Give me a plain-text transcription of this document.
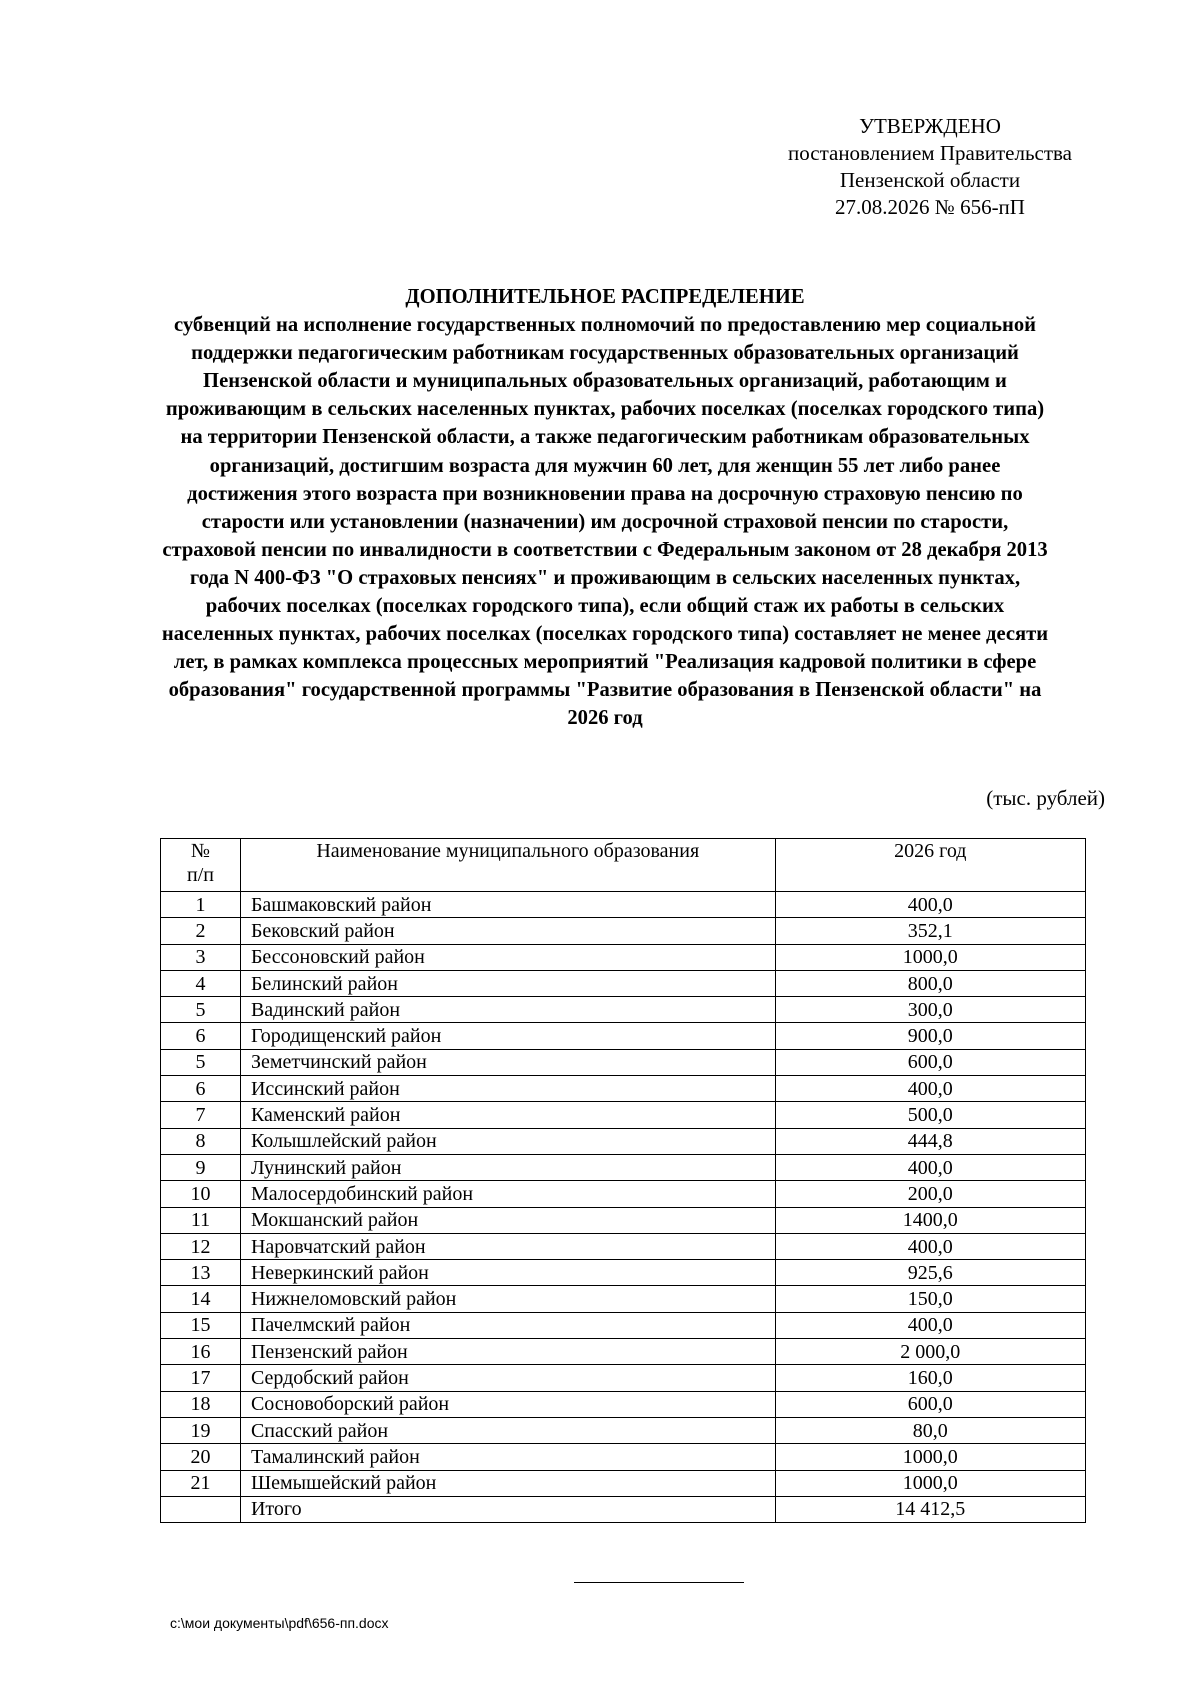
УТВЕРЖДЕНО
постановлением Правительства
Пензенской области
27.08.2026 № 656-пП
ДОПОЛНИТЕЛЬНОЕ РАСПРЕДЕЛЕНИЕ
субвенций на исполнение государственных полномочий по предоставлению мер социальной поддержки педагогическим работникам государственных образовательных организаций Пензенской области и муниципальных образовательных организаций, работающим и проживающим в сельских населенных пунктах, рабочих поселках (поселках городского типа) на территории Пензенской области, а также педагогическим работникам образовательных организаций, достигшим возраста для мужчин 60 лет, для женщин 55 лет либо ранее достижения этого возраста при возникновении права на досрочную страховую пенсию по старости или установлении (назначении) им досрочной страховой пенсии по старости, страховой пенсии по инвалидности в соответствии с Федеральным законом от 28 декабря 2013 года N 400-ФЗ "О страховых пенсиях" и проживающим в сельских населенных пунктах, рабочих поселках (поселках городского типа), если общий стаж их работы в сельских населенных пунктах, рабочих поселках (поселках городского типа) составляет не менее десяти лет, в рамках комплекса процессных мероприятий "Реализация кадровой политики в сфере образования" государственной программы "Развитие образования в Пензенской области" на 2026 год
(тыс. рублей)
№
п/п	Наименование муниципального образования	2026 год
1	Башмаковский район	400,0
2	Бековский район	352,1
3	Бессоновский район	1000,0
4	Белинский район	800,0
5	Вадинский район	300,0
6	Городищенский район	900,0
5	Земетчинский район	600,0
6	Иссинский район	400,0
7	Каменский район	500,0
8	Колышлейский район	444,8
9	Лунинский район	400,0
10	Малосердобинский район	200,0
11	Мокшанский район	1400,0
12	Наровчатский район	400,0
13	Неверкинский район	925,6
14	Нижнеломовский район	150,0
15	Пачелмский район	400,0
16	Пензенский район	2 000,0
17	Сердобский район	160,0
18	Сосновоборский район	600,0
19	Спасский район	80,0
20	Тамалинский район	1000,0
21	Шемышейский район	1000,0
	Итого	14 412,5
c:\мои документы\pdf\656-пп.docx
